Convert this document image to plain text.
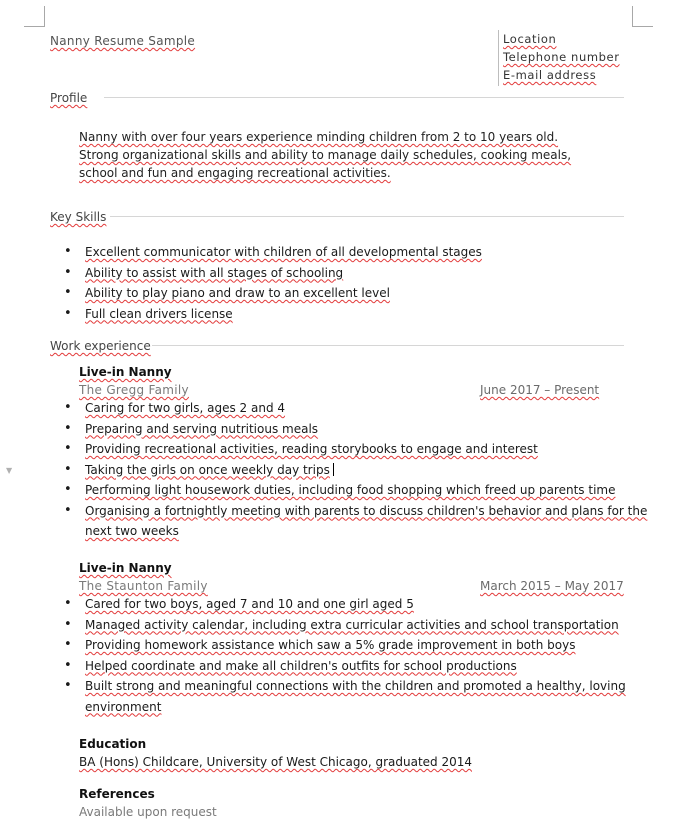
▼
Nanny Resume Sample	Location
Telephone number
E-mail address
Profile
Nanny with over four years experience minding children from 2 to 10 years old.
Strong organizational skills and ability to manage daily schedules, cooking meals,
school and fun and engaging recreational activities.
Key Skills
• Excellent communicator with children of all developmental stages
• Ability to assist with all stages of schooling
• Ability to play piano and draw to an excellent level
• Full clean drivers license
Work experience
Live-in Nanny
The Gregg Family	June 2017 – Present
• Caring for two girls, ages 2 and 4
• Preparing and serving nutritious meals
• Providing recreational activities, reading storybooks to engage and interest
• Taking the girls on once weekly day trips
• Performing light housework duties, including food shopping which freed up parents time
• Organising a fortnightly meeting with parents to discuss children's behavior and plans for the
next two weeks
Live-in Nanny
The Staunton Family	March 2015 – May 2017
• Cared for two boys, aged 7 and 10 and one girl aged 5
• Managed activity calendar, including extra curricular activities and school transportation
• Providing homework assistance which saw a 5% grade improvement in both boys
• Helped coordinate and make all children's outfits for school productions
• Built strong and meaningful connections with the children and promoted a healthy, loving
environment
Education
BA (Hons) Childcare, University of West Chicago, graduated 2014
References
Available upon request
